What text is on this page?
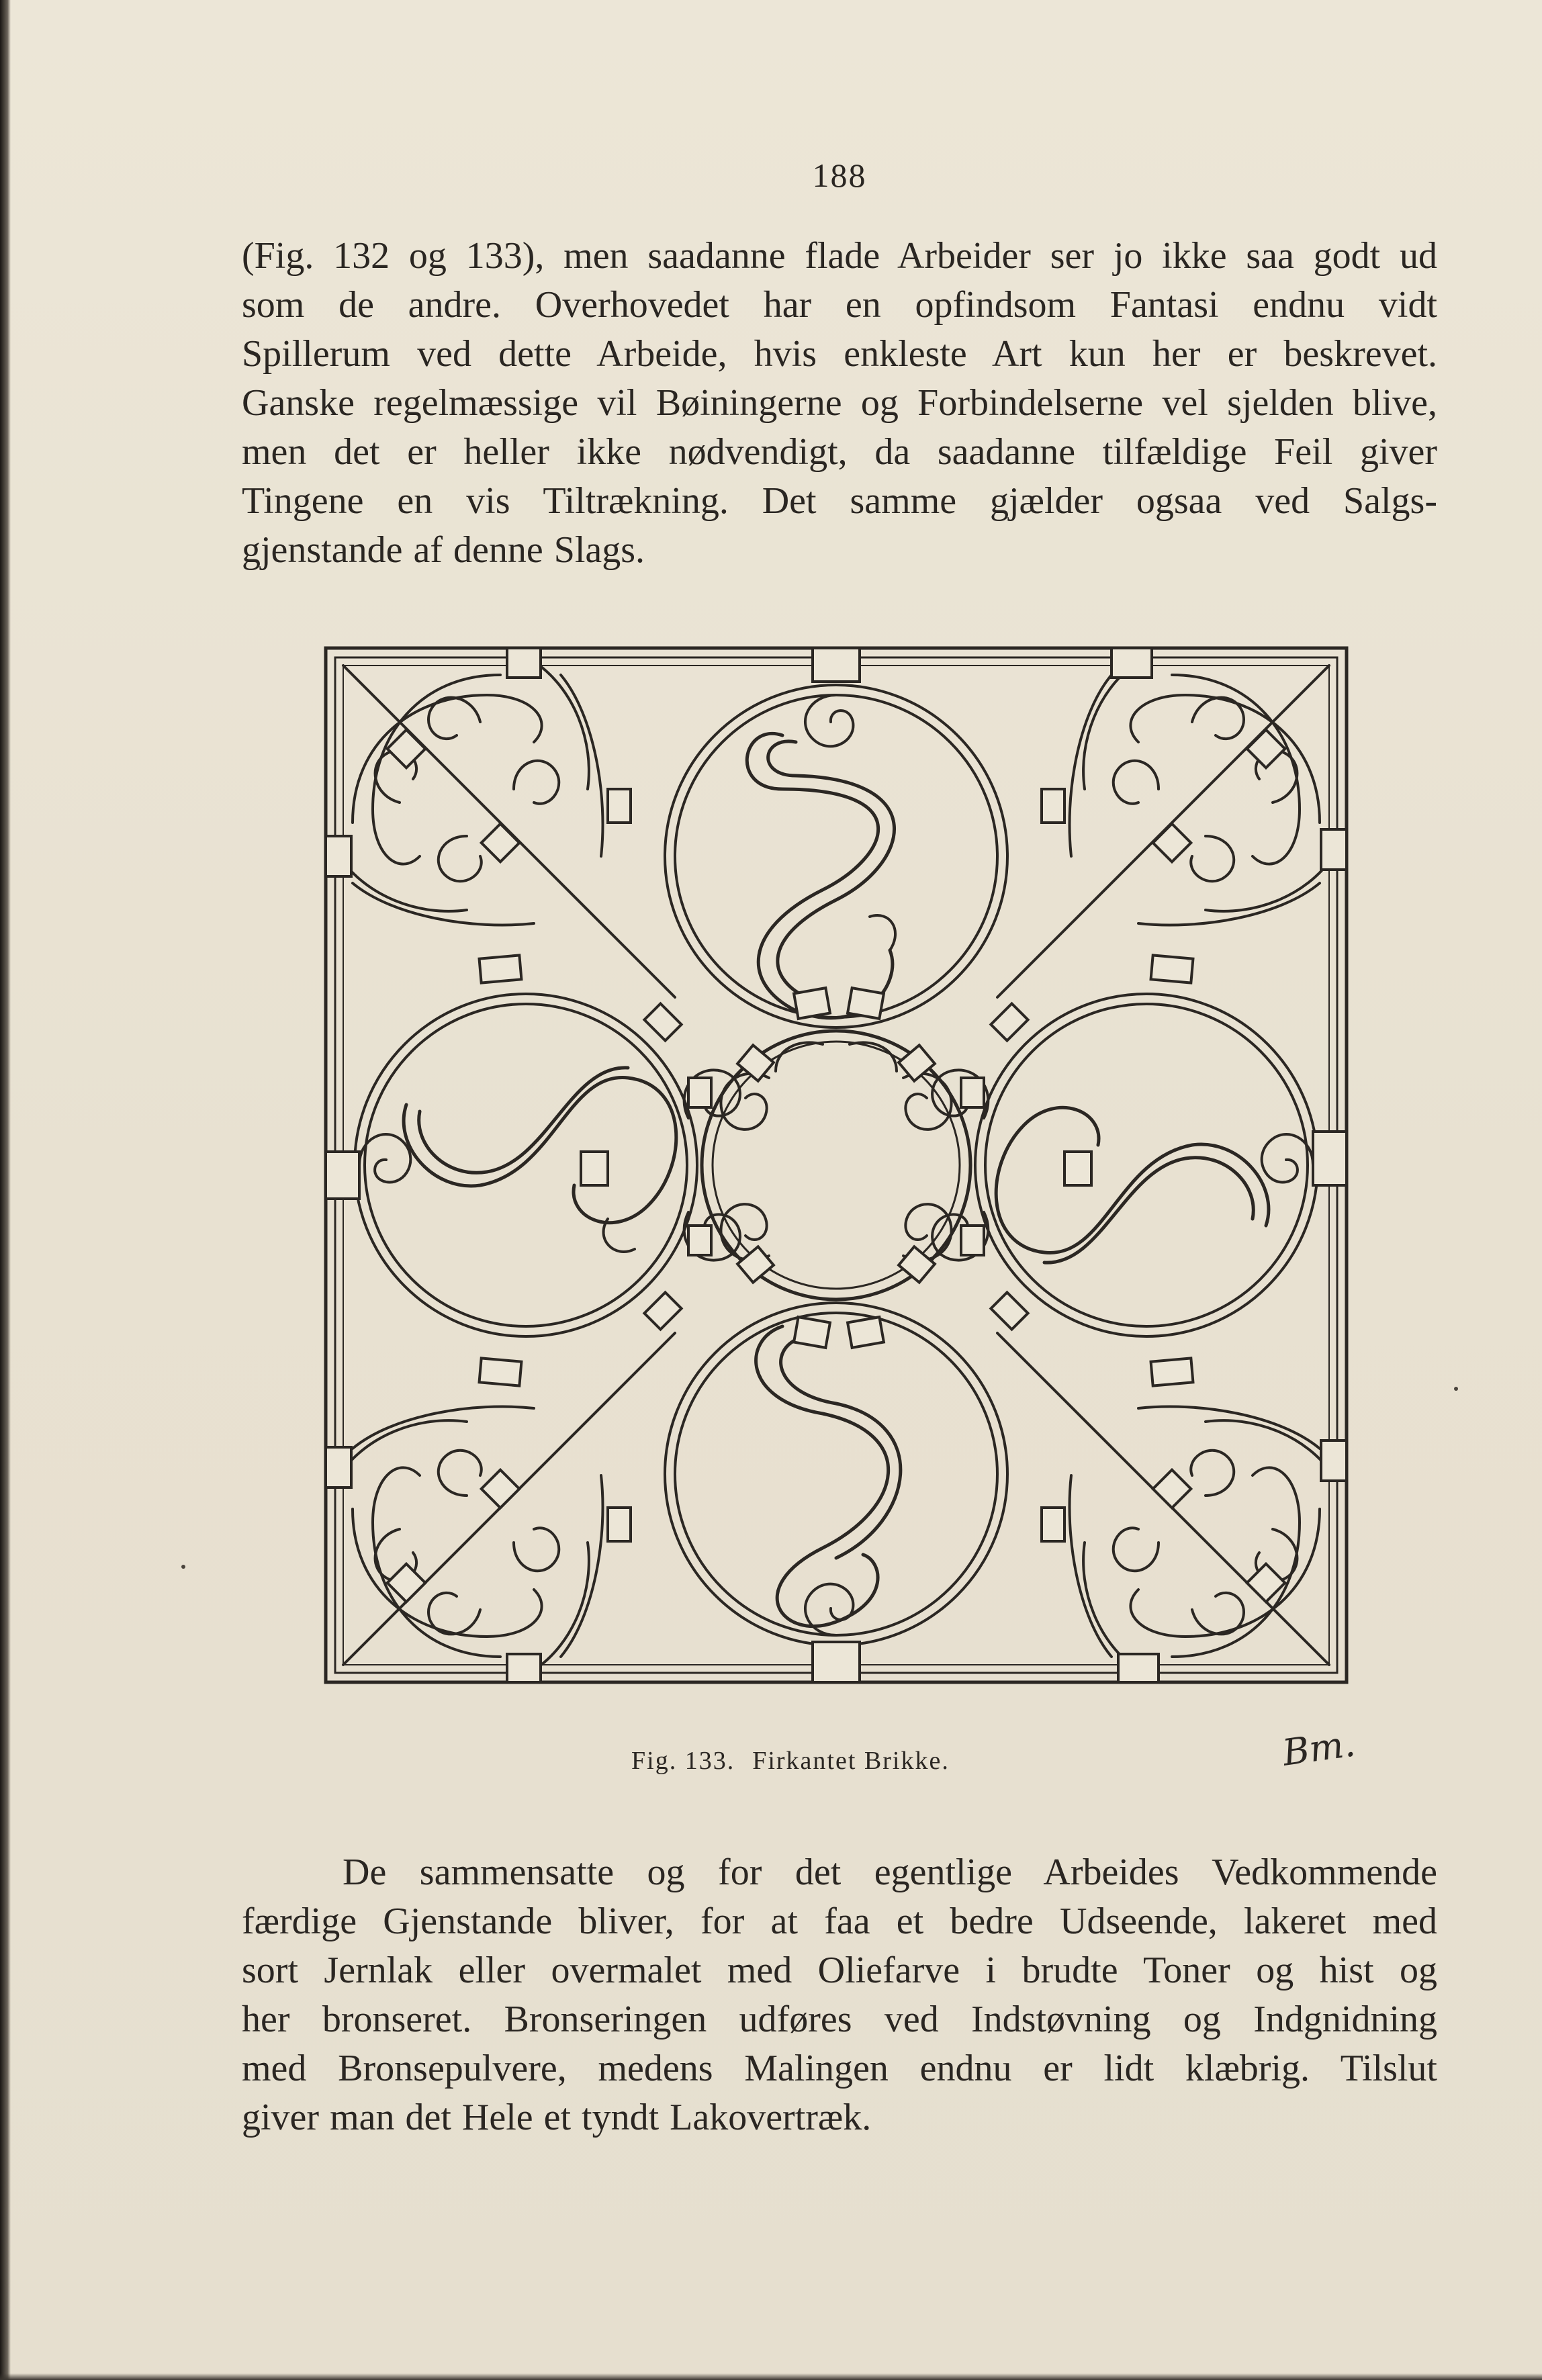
188
(Fig. 132 og 133), men saadanne flade Arbeider ser jo ikke saa godt ud
som de andre. Overhovedet har en opfindsom Fantasi endnu vidt
Spillerum ved dette Arbeide, hvis enkleste Art kun her er beskrevet.
Ganske regelmæssige vil Bøiningerne og Forbindelserne vel sjelden blive,
men det er heller ikke nødvendigt, da saadanne tilfældige Feil giver
Tingene en vis Tiltrækning. Det samme gjælder ogsaa ved Salgs-
gjenstande af denne Slags.
Bm.
Fig. 133. Firkantet Brikke.
De sammensatte og for det egentlige Arbeides Vedkommende
færdige Gjenstande bliver, for at faa et bedre Udseende, lakeret med
sort Jernlak eller overmalet med Oliefarve i brudte Toner og hist og
her bronseret. Bronseringen udføres ved Indstøvning og Indgnidning
med Bronsepulvere, medens Malingen endnu er lidt klæbrig. Tilslut
giver man det Hele et tyndt Lakovertræk.
